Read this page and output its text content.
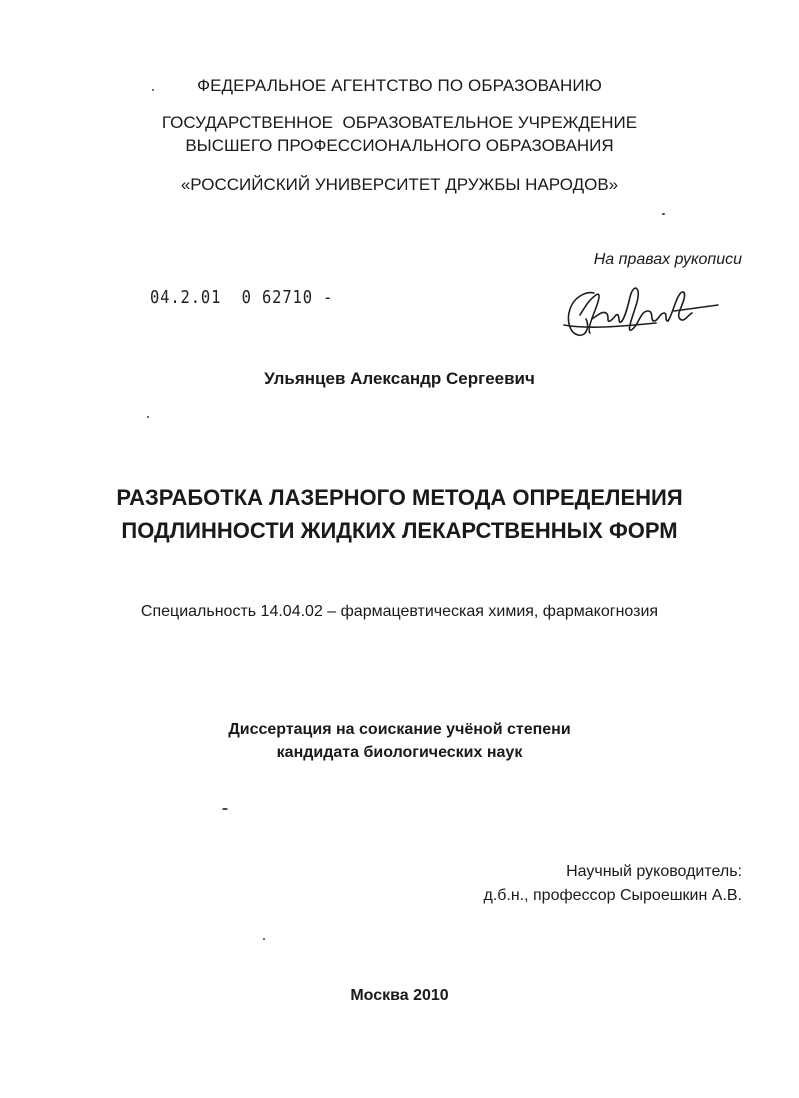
ФЕДЕРАЛЬНОЕ АГЕНТСТВО ПО ОБРАЗОВАНИЮ
ГОСУДАРСТВЕННОЕ  ОБРАЗОВАТЕЛЬНОЕ УЧРЕЖДЕНИЕ
ВЫСШЕГО ПРОФЕССИОНАЛЬНОГО ОБРАЗОВАНИЯ
«РОССИЙСКИЙ УНИВЕРСИТЕТ ДРУЖБЫ НАРОДОВ»
На правах рукописи
04.2.01  0 62710 -
Ульянцев Александр Сергеевич
РАЗРАБОТКА ЛАЗЕРНОГО МЕТОДА ОПРЕДЕЛЕНИЯ
ПОДЛИННОСТИ ЖИДКИХ ЛЕКАРСТВЕННЫХ ФОРМ
Специальность 14.04.02 – фармацевтическая химия, фармакогнозия
Диссертация на соискание учёной степени
кандидата биологических наук
Научный руководитель:
д.б.н., профессор Сыроешкин А.В.
Москва 2010
